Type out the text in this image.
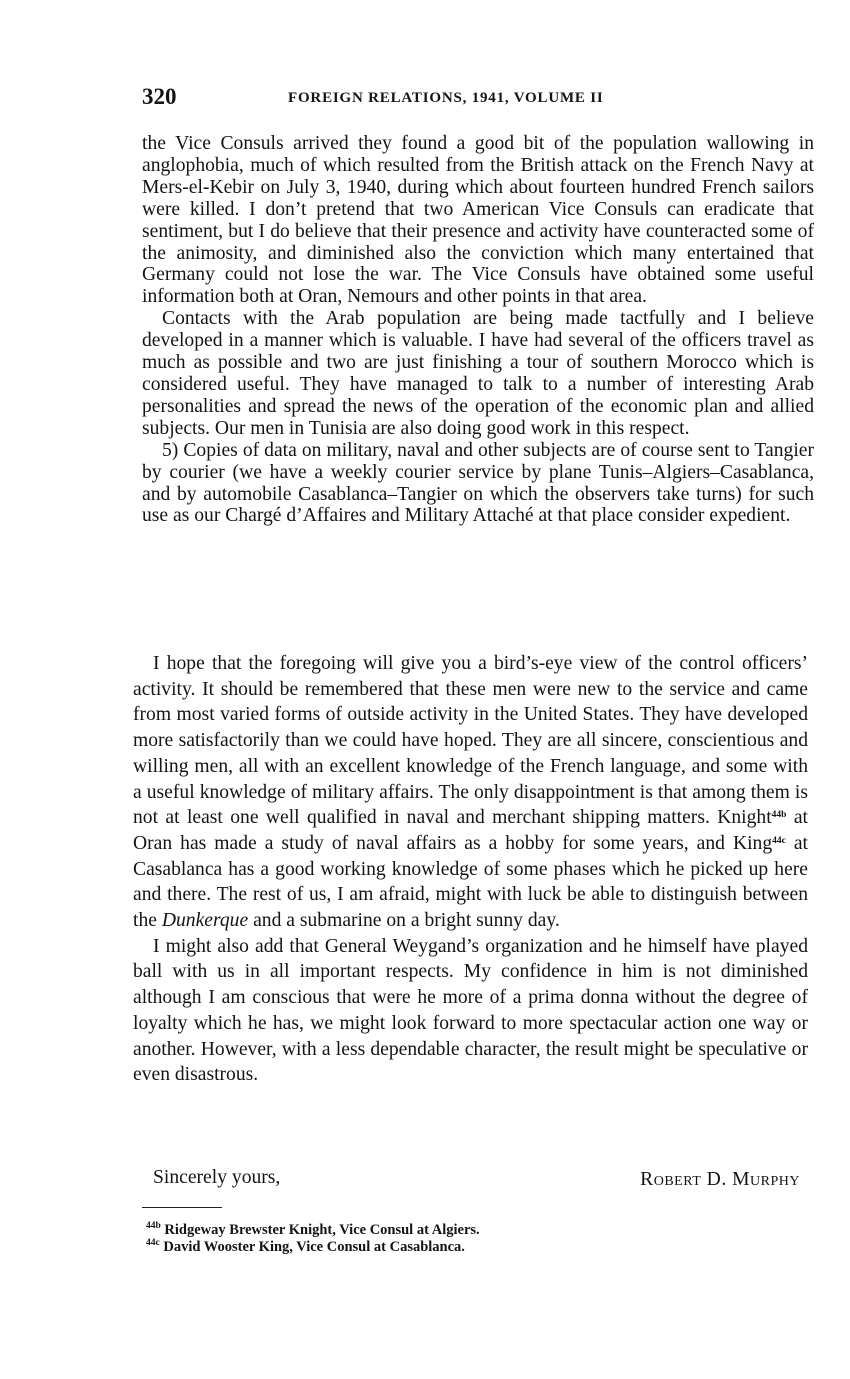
320	FOREIGN RELATIONS, 1941, VOLUME II

the Vice Consuls arrived they found a good bit of the population wallowing in anglophobia, much of which resulted from the British attack on the French Navy at Mers-el-Kebir on July 3, 1940, during which about fourteen hundred French sailors were killed. I don’t pretend that two American Vice Consuls can eradicate that sentiment, but I do believe that their presence and activity have counteracted some of the animosity, and diminished also the conviction which many entertained that Germany could not lose the war. The Vice Consuls have obtained some useful information both at Oran, Nemours and other points in that area.

Contacts with the Arab population are being made tactfully and I believe developed in a manner which is valuable. I have had several of the officers travel as much as possible and two are just finishing a tour of southern Morocco which is considered useful. They have managed to talk to a number of interesting Arab personalities and spread the news of the operation of the economic plan and allied subjects. Our men in Tunisia are also doing good work in this respect.

5) Copies of data on military, naval and other subjects are of course sent to Tangier by courier (we have a weekly courier service by plane Tunis–Algiers–Casablanca, and by automobile Casablanca–Tangier on which the observers take turns) for such use as our Chargé d’Affaires and Military Attaché at that place consider expedient.

I hope that the foregoing will give you a bird’s-eye view of the control officers’ activity. It should be remembered that these men were new to the service and came from most varied forms of outside activity in the United States. They have developed more satisfactorily than we could have hoped. They are all sincere, conscientious and willing men, all with an excellent knowledge of the French language, and some with a useful knowledge of military affairs. The only disappointment is that among them is not at least one well qualified in naval and merchant shipping matters. Knight$^{44b}$ at Oran has made a study of naval affairs as a hobby for some years, and King$^{44c}$ at Casablanca has a good working knowledge of some phases which he picked up here and there. The rest of us, I am afraid, might with luck be able to distinguish between the Dunkerque and a submarine on a bright sunny day.

I might also add that General Weygand’s organization and he himself have played ball with us in all important respects. My confidence in him is not diminished although I am conscious that were he more of a prima donna without the degree of loyalty which he has, we might look forward to more spectacular action one way or another. However, with a less dependable character, the result might be speculative or even disastrous.

Sincerely yours,	Robert D. Murphy

$^{44b}$ Ridgeway Brewster Knight, Vice Consul at Algiers.

$^{44c}$ David Wooster King, Vice Consul at Casablanca.
